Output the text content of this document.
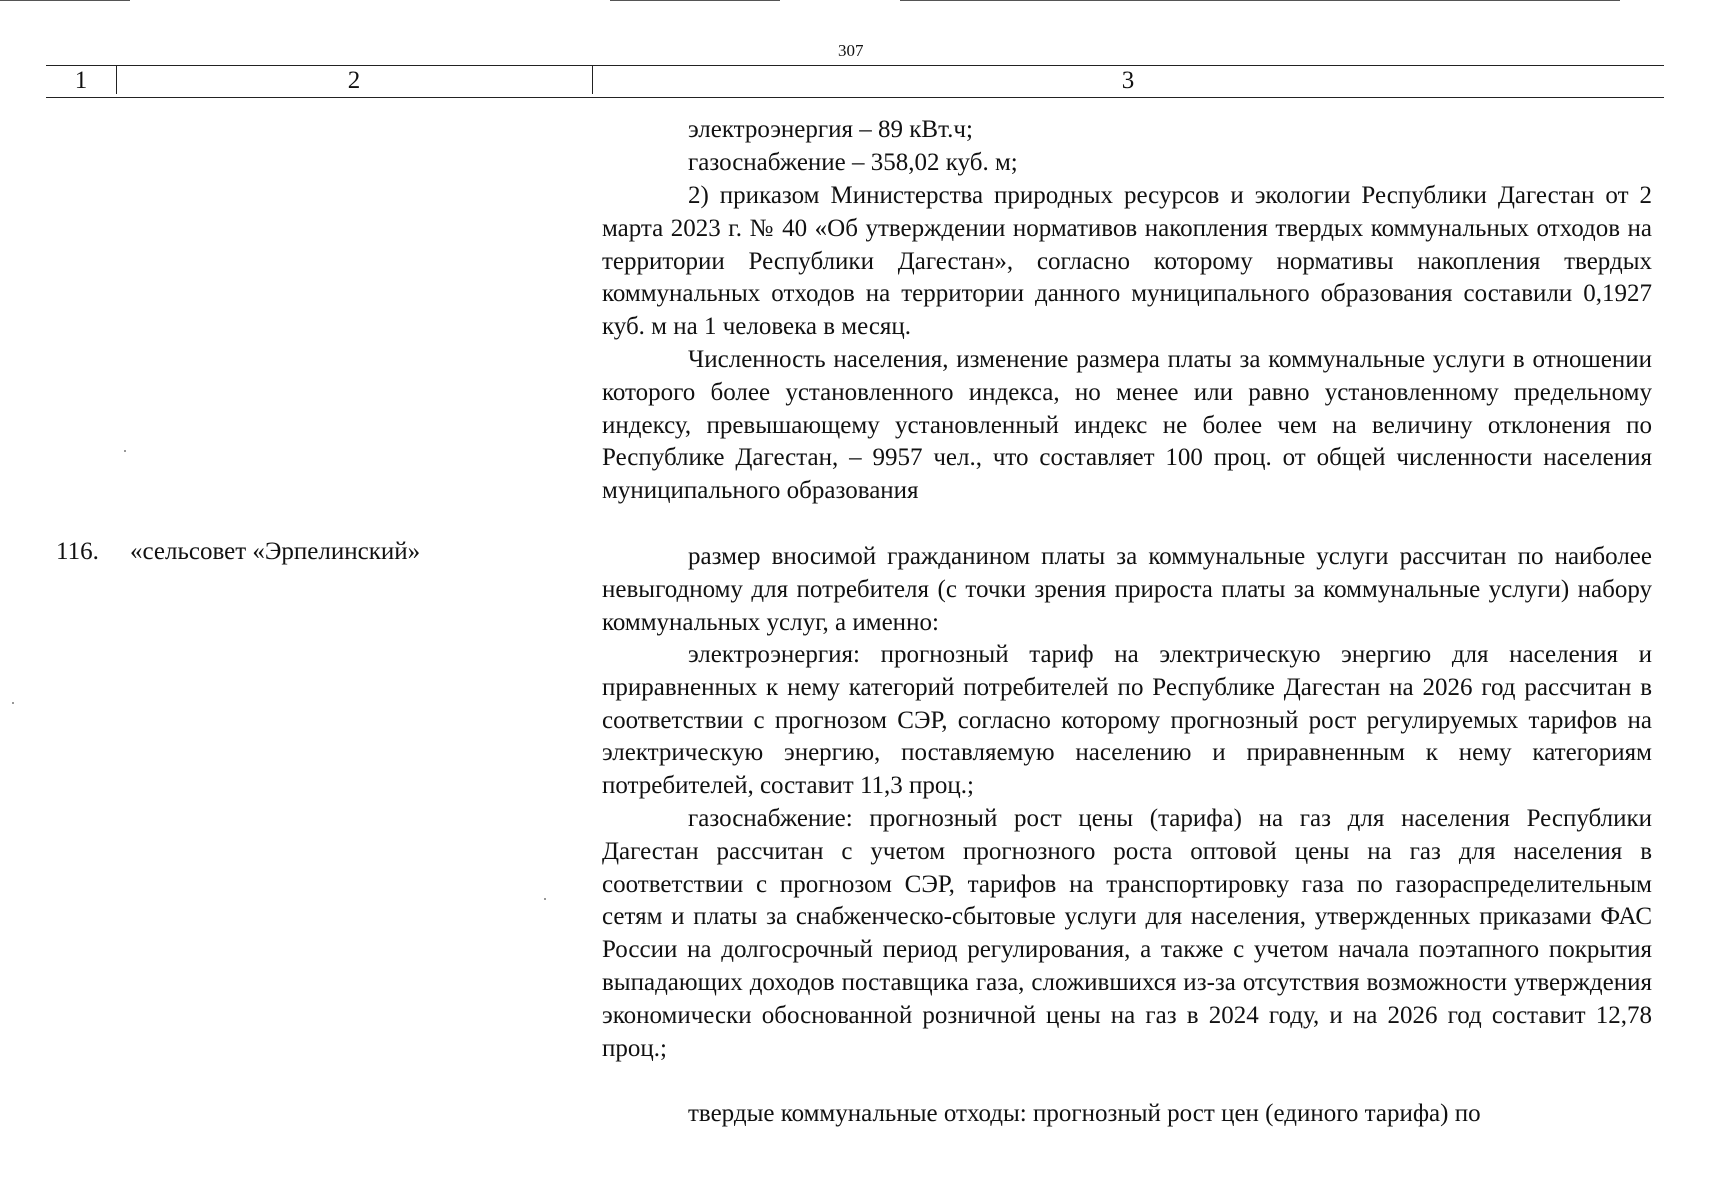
307
1	2	3

электроэнергия – 89 кВт.ч;

газоснабжение – 358,02 куб. м;

2) приказом Министерства природных ресурсов и экологии Республики Дагестан от 2 марта 2023 г. № 40 «Об утверждении нормативов накопления твердых коммунальных отходов на территории Республики Дагестан», согласно которому нормативы накопления твердых коммунальных отходов на территории данного муниципального образования составили 0,1927 куб. м на 1 человека в месяц.

Численность населения, изменение размера платы за коммунальные услуги в отношении которого более установленного индекса, но менее или равно установленному предельному индексу, превышающему установленный индекс не более чем на величину отклонения по Республике Дагестан, – 9957 чел., что составляет 100 проц. от общей численности населения муниципального образования

116. «сельсовет «Эрпелинский»	размер вносимой гражданином платы за коммунальные услуги рассчитан по наиболее невыгодному для потребителя (с точки зрения прироста платы за коммунальные услуги) набору коммунальных услуг, а именно:

электроэнергия: прогнозный тариф на электрическую энергию для населения и приравненных к нему категорий потребителей по Республике Дагестан на 2026 год рассчитан в соответствии с прогнозом СЭР, согласно которому прогнозный рост регулируемых тарифов на электрическую энергию, поставляемую населению и приравненным к нему категориям потребителей, составит 11,3 проц.;

газоснабжение: прогнозный рост цены (тарифа) на газ для населения Республики Дагестан рассчитан с учетом прогнозного роста оптовой цены на газ для населения в соответствии с прогнозом СЭР, тарифов на транспортировку газа по газораспределительным сетям и платы за снабженческо-сбытовые услуги для населения, утвержденных приказами ФАС России на долгосрочный период регулирования, а также с учетом начала поэтапного покрытия выпадающих доходов поставщика газа, сложившихся из-за отсутствия возможности утверждения экономически обоснованной розничной цены на газ в 2024 году, и на 2026 год составит 12,78 проц.;

твердые коммунальные отходы: прогнозный рост цен (единого тарифа) по
